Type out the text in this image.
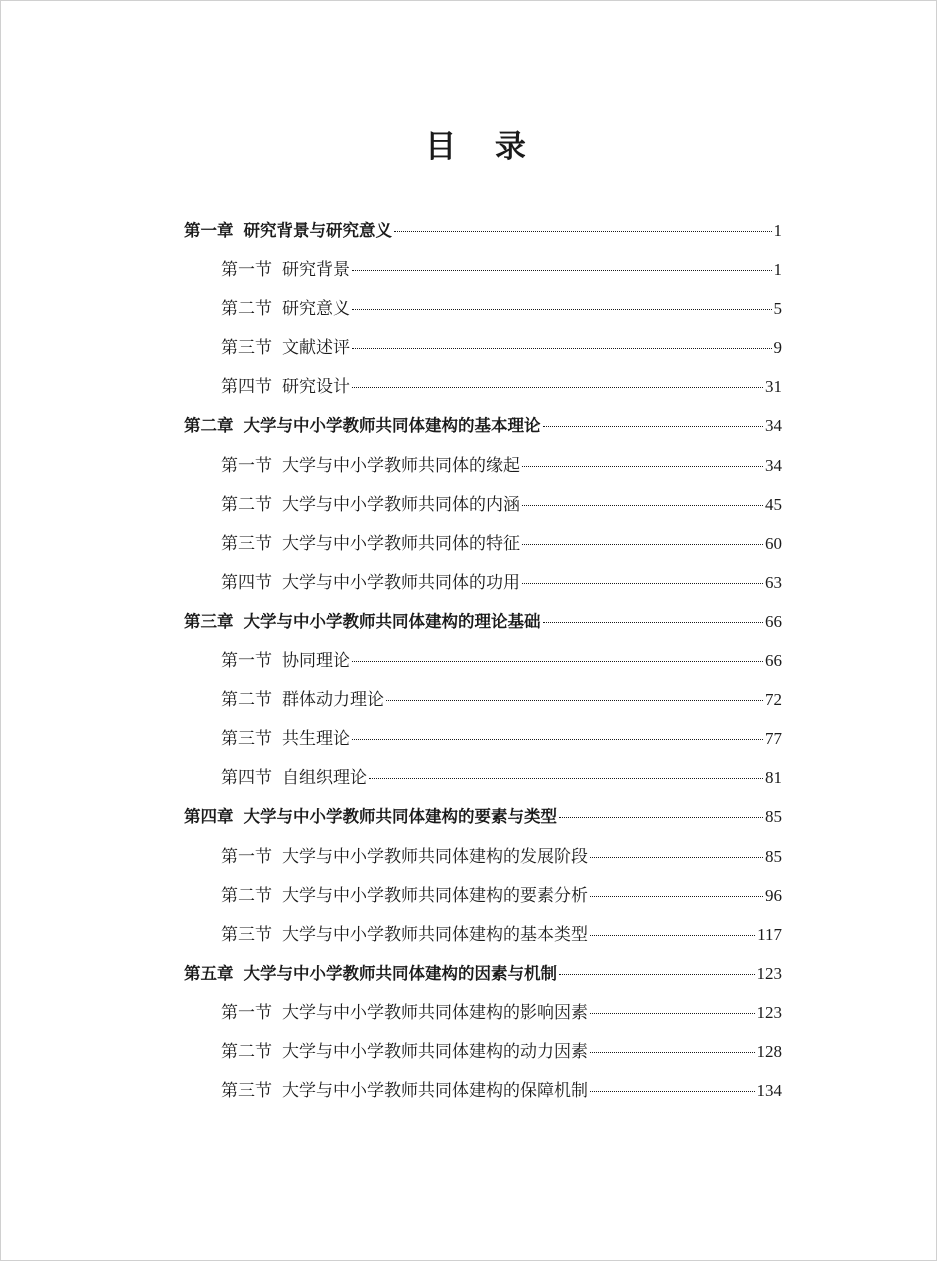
目 录
第一章 研究背景与研究意义	1
第一节 研究背景	1
第二节 研究意义	5
第三节 文献述评	9
第四节 研究设计	31
第二章 大学与中小学教师共同体建构的基本理论	34
第一节 大学与中小学教师共同体的缘起	34
第二节 大学与中小学教师共同体的内涵	45
第三节 大学与中小学教师共同体的特征	60
第四节 大学与中小学教师共同体的功用	63
第三章 大学与中小学教师共同体建构的理论基础	66
第一节 协同理论	66
第二节 群体动力理论	72
第三节 共生理论	77
第四节 自组织理论	81
第四章 大学与中小学教师共同体建构的要素与类型	85
第一节 大学与中小学教师共同体建构的发展阶段	85
第二节 大学与中小学教师共同体建构的要素分析	96
第三节 大学与中小学教师共同体建构的基本类型	117
第五章 大学与中小学教师共同体建构的因素与机制	123
第一节 大学与中小学教师共同体建构的影响因素	123
第二节 大学与中小学教师共同体建构的动力因素	128
第三节 大学与中小学教师共同体建构的保障机制	134
